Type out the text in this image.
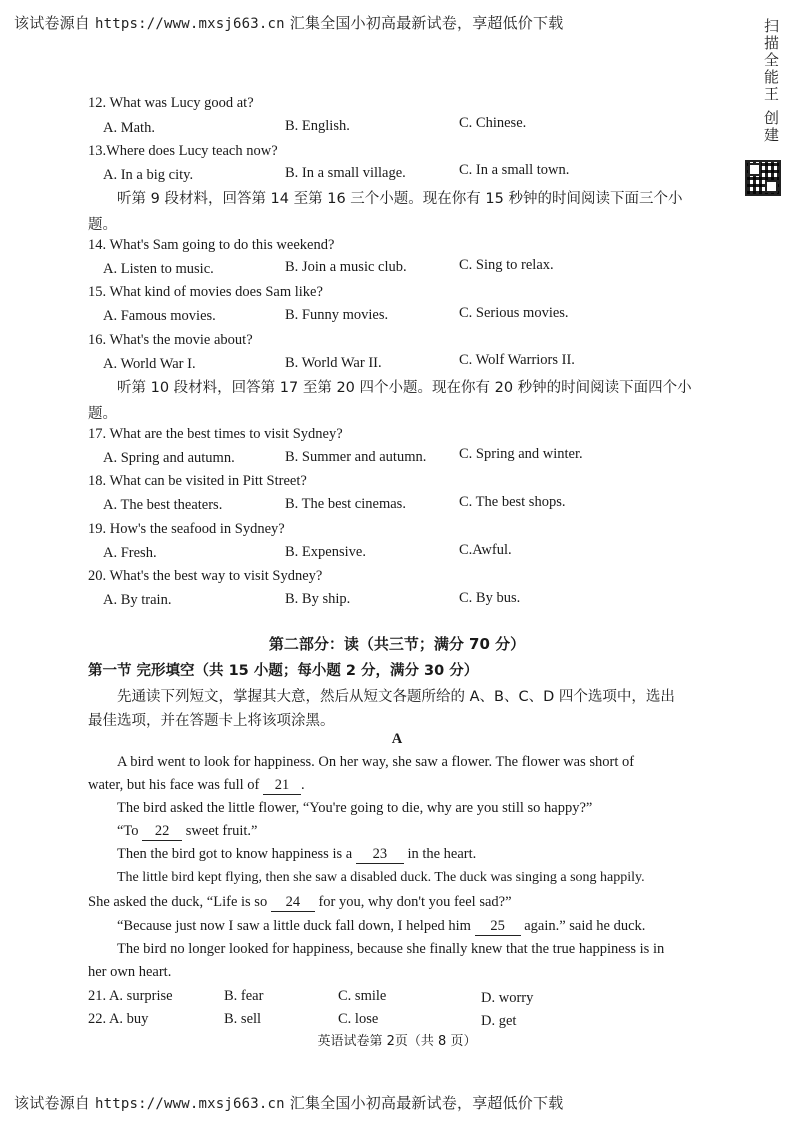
该试卷源自 https://www.mxsj663.cn 汇集全国小初高最新试卷，享超低价下载	扫描全能王 创建
12. What was Lucy good at?
A. Math.	B. English.	C. Chinese.
13.Where does Lucy teach now?
A. In a big city.	B. In a small village.	C. In a small town.
听第 9 段材料，回答第 14 至第 16 三个小题。现在你有 15 秒钟的时间阅读下面三个小
题。
14. What's Sam going to do this weekend?
A. Listen to music.	B. Join a music club.	C. Sing to relax.
15. What kind of movies does Sam like?
A. Famous movies.	B. Funny movies.	C. Serious movies.
16. What's the movie about?
A. World War I.	B. World War II.	C. Wolf Warriors II.
听第 10 段材料，回答第 17 至第 20 四个小题。现在你有 20 秒钟的时间阅读下面四个小
题。
17. What are the best times to visit Sydney?
A. Spring and autumn.	B. Summer and autumn. C. Spring and winter.
18. What can be visited in Pitt Street?
A. The best theaters.	B. The best cinemas.	C. The best shops.
19. How's the seafood in Sydney?
A. Fresh.	B. Expensive.	C.Awful.
20. What's the best way to visit Sydney?
A. By train.	B. By ship.	C. By bus.
第二部分：读（共三节；满分 70 分）
第一节 完形填空（共 15 小题；每小题 2 分，满分 30 分）
先通读下列短文，掌握其大意，然后从短文各题所给的 A、B、C、D 四个选项中，选出
最佳选项，并在答题卡上将该项涂黑。
A
A bird went to look for happiness. On her way, she saw a flower. The flower was short of
water, but his face was full of 21 .
The bird asked the little flower, “You're going to die, why are you still so happy?”
“To 22 sweet fruit.”
Then the bird got to know happiness is a 23 in the heart.
The little bird kept flying, then she saw a disabled duck. The duck was singing a song happily.
She asked the duck, “Life is so 24 for you, why don't you feel sad?”
“Because just now I saw a little duck fall down, I helped him 25 again.” said he duck.
The bird no longer looked for happiness, because she finally knew that the true happiness is in
her own heart.
21. A. surprise	B. fear	C. smile	D. worry
22. A. buy	B. sell	C. lose	D. get
英语试卷第 2页（共 8 页）
该试卷源自 https://www.mxsj663.cn 汇集全国小初高最新试卷，享超低价下载
